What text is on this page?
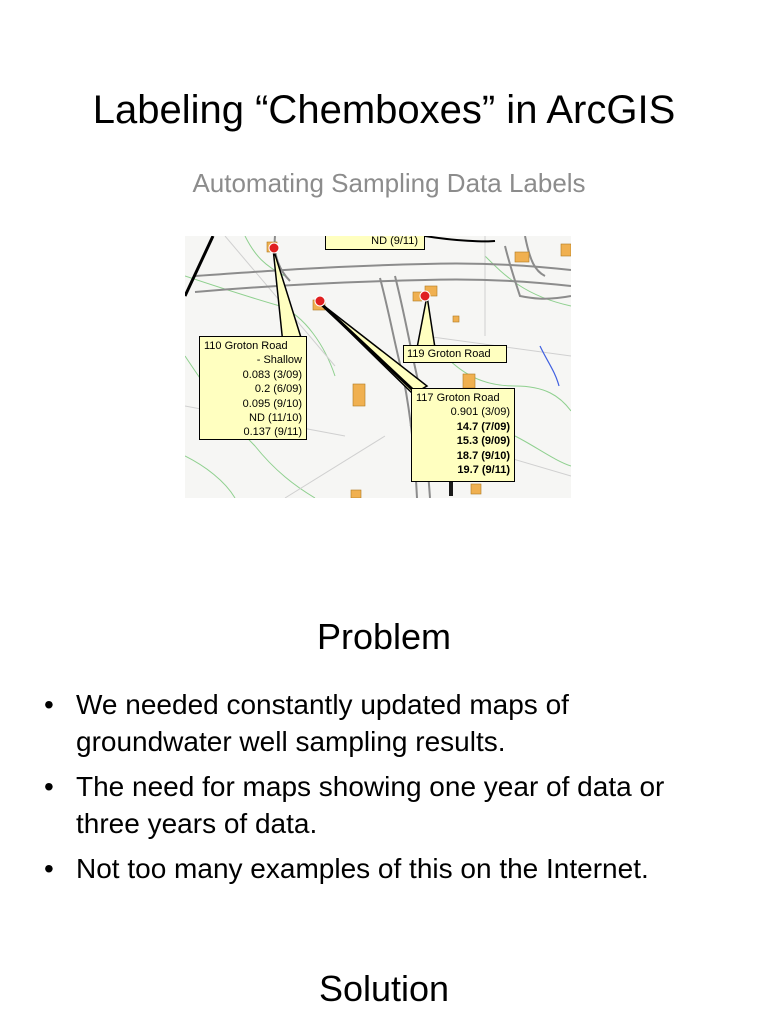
Labeling “Chemboxes” in ArcGIS
Automating Sampling Data Labels
ND (9/11)
110 Groton Road
- Shallow
0.083 (3/09)
0.2 (6/09)
0.095 (9/10)
ND (11/10)
0.137 (9/11)
119 Groton Road
117 Groton Road
0.901 (3/09)
14.7 (7/09)
15.3 (9/09)
18.7 (9/10)
19.7 (9/11)
Problem
• We needed constantly updated maps of groundwater well sampling results.
• The need for maps showing one year of data or three years of data.
• Not too many examples of this on the Internet.
Solution
